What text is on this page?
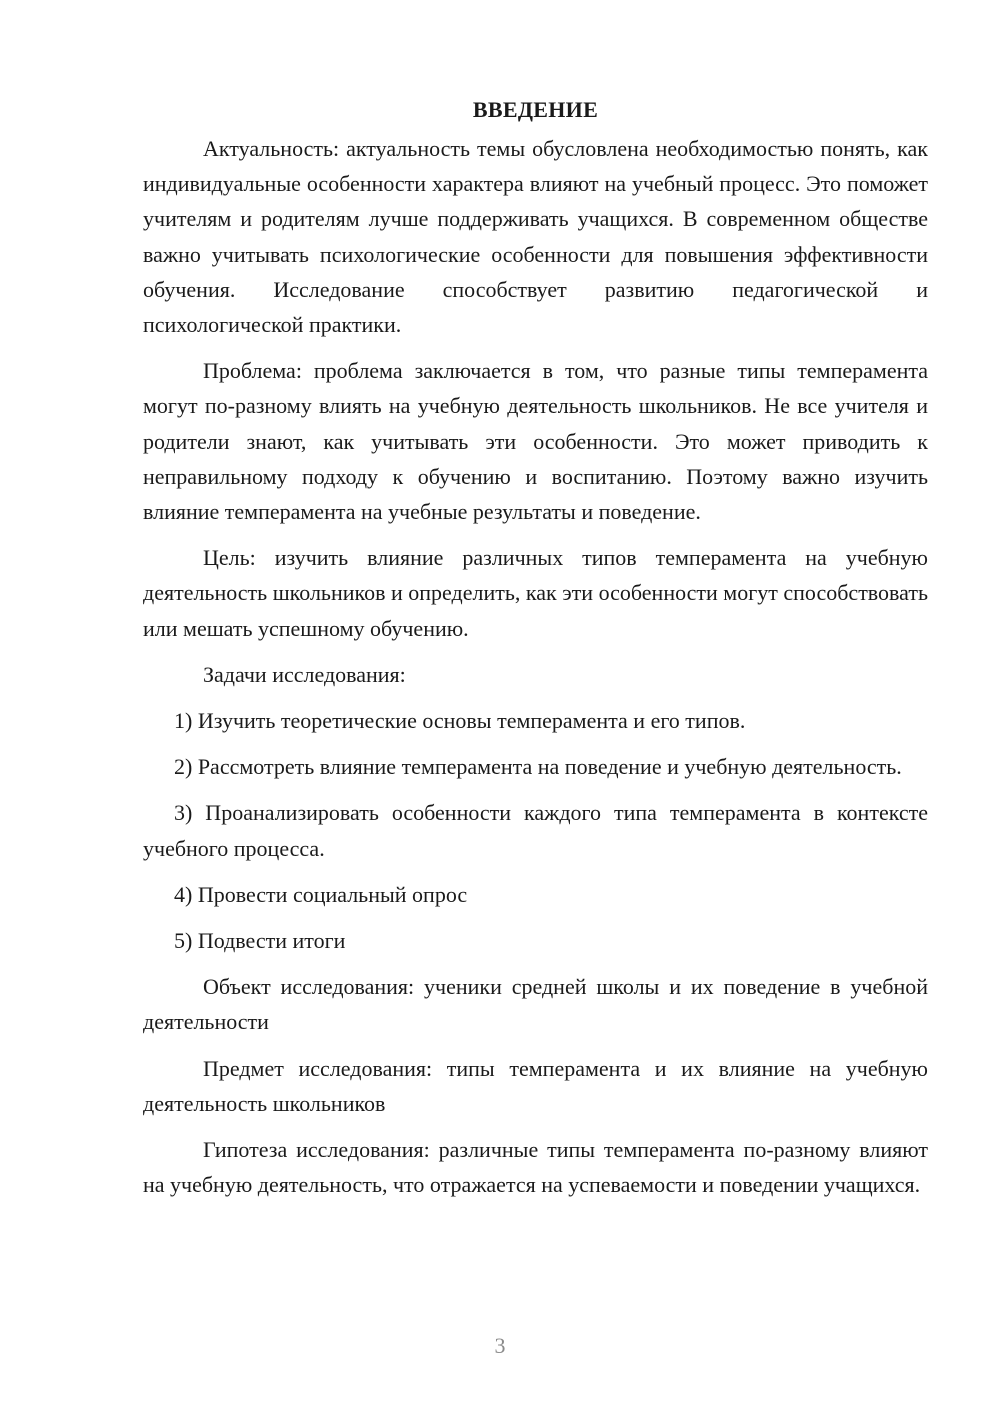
ВВЕДЕНИЕ

Актуальность: актуальность темы обусловлена необходимостью понять, как индивидуальные особенности характера влияют на учебный процесс. Это поможет учителям и родителям лучше поддерживать учащихся. В современном обществе важно учитывать психологические особенности для повышения эффективности обучения. Исследование способствует развитию педагогической и психологической практики.

Проблема: проблема заключается в том, что разные типы темперамента могут по-разному влиять на учебную деятельность школьников. Не все учителя и родители знают, как учитывать эти особенности. Это может приводить к неправильному подходу к обучению и воспитанию. Поэтому важно изучить влияние темперамента на учебные результаты и поведение.

Цель: изучить влияние различных типов темперамента на учебную деятельность школьников и определить, как эти особенности могут способствовать или мешать успешному обучению.

Задачи исследования:

1) Изучить теоретические основы темперамента и его типов.

2) Рассмотреть влияние темперамента на поведение и учебную деятельность.

3) Проанализировать особенности каждого типа темперамента в контексте учебного процесса.

4) Провести социальный опрос

5) Подвести итоги

Объект исследования: ученики средней школы и их поведение в учебной деятельности

Предмет исследования: типы темперамента и их влияние на учебную деятельность школьников

Гипотеза исследования: различные типы темперамента по-разному влияют на учебную деятельность, что отражается на успеваемости и поведении учащихся.

3
